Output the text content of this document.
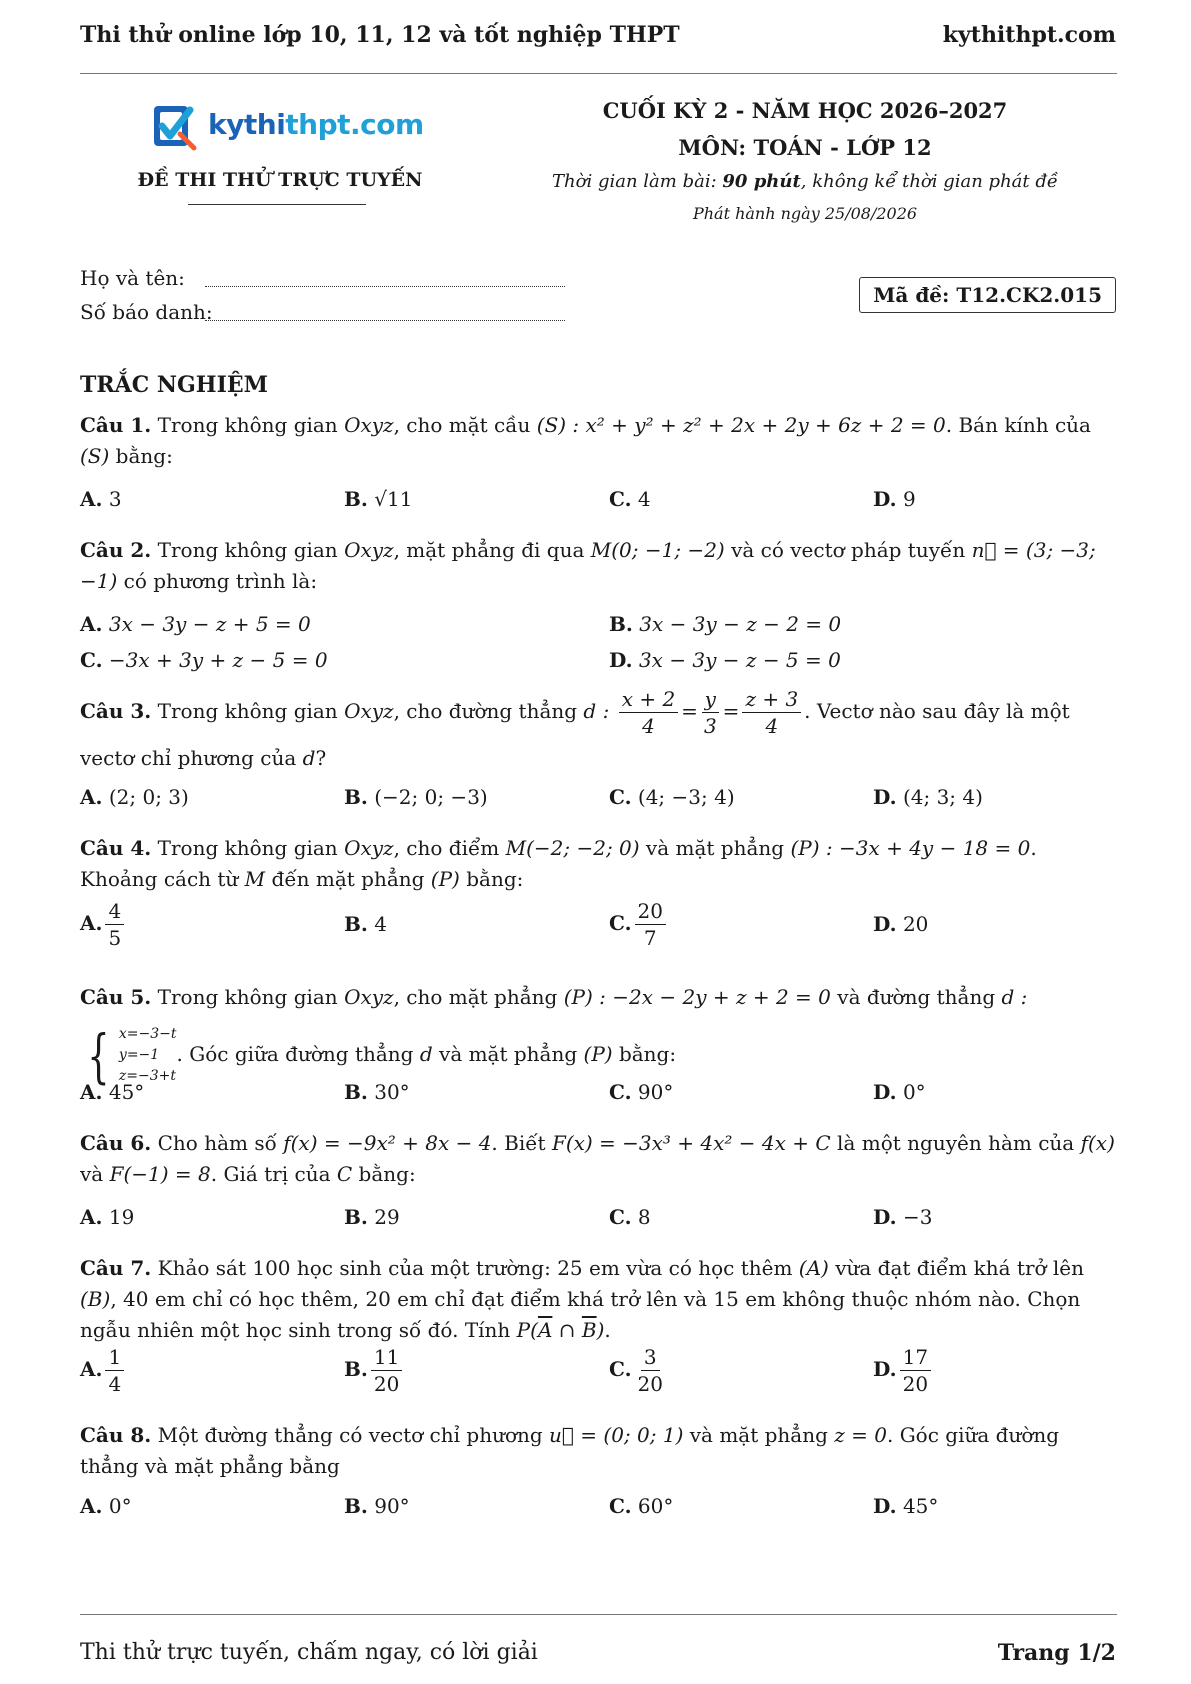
Thi thử online lớp 10, 11, 12 và tốt nghiệp THPT	kythithpt.com
kythithpt.com
ĐỀ THI THỬ TRỰC TUYẾN
CUỐI KỲ 2 - NĂM HỌC 2026–2027
MÔN: TOÁN - LỚP 12
Thời gian làm bài: 90 phút, không kể thời gian phát đề
Phát hành ngày 25/08/2026
Họ và tên:
Số báo danh:
Mã đề: T12.CK2.015
TRẮC NGHIỆM
Câu 1. Trong không gian Oxyz, cho mặt cầu (S) : x² + y² + z² + 2x + 2y + 6z + 2 = 0. Bán kính của (S) bằng:
A. 3	B. √11	C. 4	D. 9
Câu 2. Trong không gian Oxyz, mặt phẳng đi qua M(0; −1; −2) và có vectơ pháp tuyến n⃗ = (3; −3; −1) có phương trình là:
A. 3x − 3y − z + 5 = 0	B. 3x − 3y − z − 2 = 0
C. −3x + 3y + z − 5 = 0	D. 3x − 3y − z − 5 = 0
Câu 3. Trong không gian Oxyz, cho đường thẳng d : $\frac{x + 2}{4} = \frac{y}{3} = \frac{z + 3}{4}$ . Vectơ nào sau đây là một vectơ chỉ phương của d?
A. (2; 0; 3)	B. (−2; 0; −3)	C. (4; −3; 4)	D. (4; 3; 4)
Câu 4. Trong không gian Oxyz, cho điểm M(−2; −2; 0) và mặt phẳng (P) : −3x + 4y − 18 = 0. Khoảng cách từ M đến mặt phẳng (P) bằng:
A. $\frac{4}{5}$	B. 4	C. $\frac{20}{7}$	D. 20
Câu 5. Trong không gian Oxyz, cho mặt phẳng (P) : −2x − 2y + z + 2 = 0 và đường thẳng d :
{ x=−3−t
y=−1
z=−3+t
. Góc giữa đường thẳng d và mặt phẳng (P) bằng:
A. 45°	B. 30°	C. 90°	D. 0°
Câu 6. Cho hàm số f(x) = −9x² + 8x − 4. Biết F(x) = −3x³ + 4x² − 4x + C là một nguyên hàm của f(x) và F(−1) = 8. Giá trị của C bằng:
A. 19	B. 29	C. 8	D. −3
Câu 7. Khảo sát 100 học sinh của một trường: 25 em vừa có học thêm (A) vừa đạt điểm khá trở lên (B), 40 em chỉ có học thêm, 20 em chỉ đạt điểm khá trở lên và 15 em không thuộc nhóm nào. Chọn ngẫu nhiên một học sinh trong số đó. Tính $P(\overline{A}$ ∩ $\overline{B}$).
A. $\frac{1}{4}$	B. $\frac{11}{20}$	C. $\frac{3}{20}$	D. $\frac{17}{20}$
Câu 8. Một đường thẳng có vectơ chỉ phương u⃗ = (0; 0; 1) và mặt phẳng z = 0. Góc giữa đường thẳng và mặt phẳng bằng
A. 0°	B. 90°	C. 60°	D. 45°
Thi thử trực tuyến, chấm ngay, có lời giải	Trang 1/2
